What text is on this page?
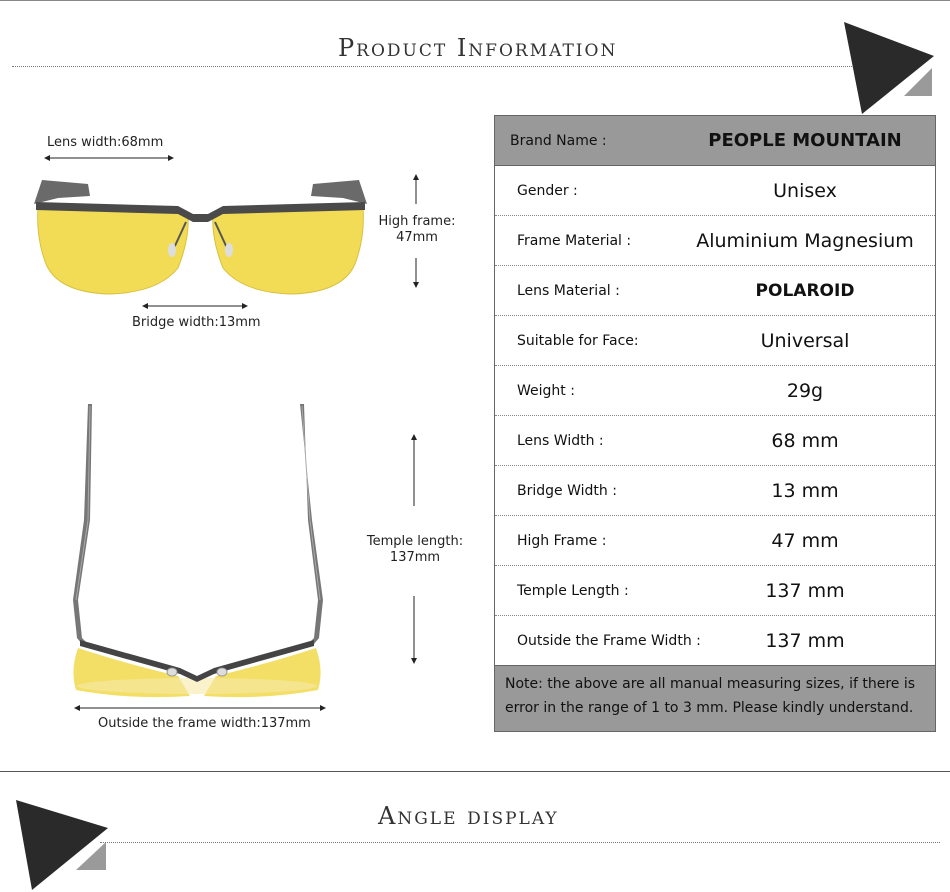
Product Information
Lens width:68mm
High frame:
47mm
Bridge width:13mm
Temple length:
137mm
Outside the frame width:137mm
Brand Name :	PEOPLE MOUNTAIN
Gender :	Unisex
Frame Material :	Aluminium Magnesium
Lens Material :	POLAROID
Suitable for Face:	Universal
Weight :	29g
Lens Width :	68 mm
Bridge Width :	13 mm
High Frame :	47 mm
Temple Length :	137 mm
Outside the Frame Width :	137 mm
Note: the above are all manual measuring sizes, if there is
error in the range of 1 to 3 mm. Please kindly understand.
Angle display
